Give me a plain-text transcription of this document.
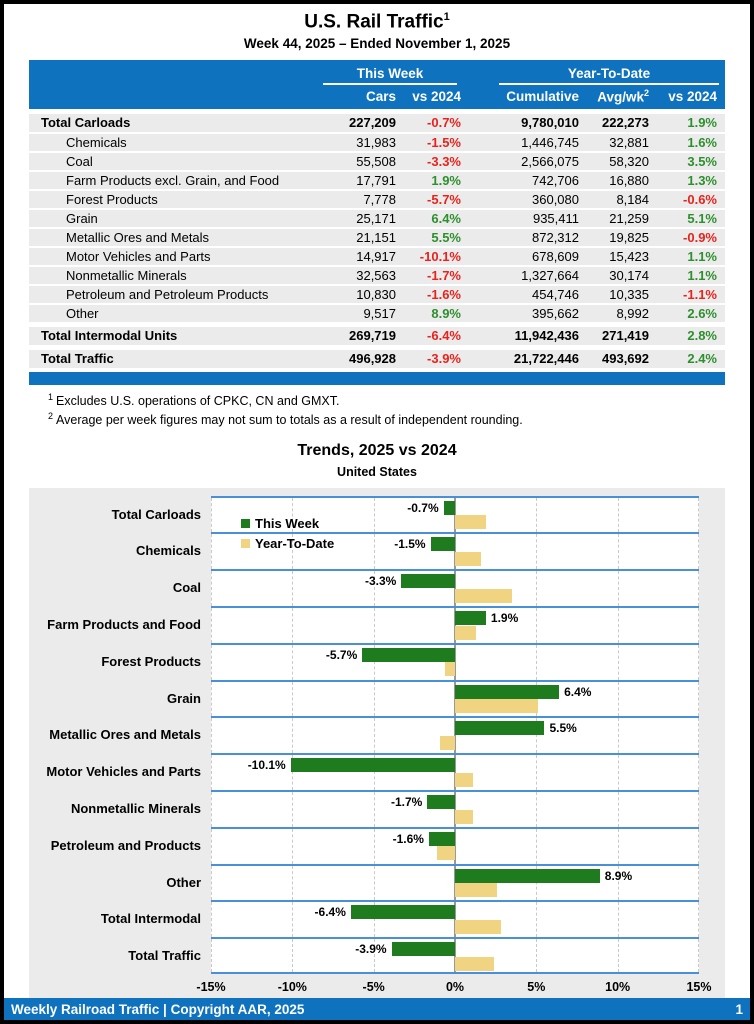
U.S. Rail Traffic$^1$
Week 44, 2025 – Ended November 1, 2025
This Week	Year-To-Date
Cars	vs 2024	Cumulative	Avg/$wk^2$	vs 2024
Total Carloads	227,209	-0.7%	9,780,010	222,273	1.9%
Chemicals	31,983	-1.5%	1,446,745	32,881	1.6%
Coal	55,508	-3.3%	2,566,075	58,320	3.5%
Farm Products excl. Grain, and Food	17,791	1.9%	742,706	16,880	1.3%
Forest Products	7,778	-5.7%	360,080	8,184	-0.6%
Grain	25,171	6.4%	935,411	21,259	5.1%
Metallic Ores and Metals	21,151	5.5%	872,312	19,825	-0.9%
Motor Vehicles and Parts	14,917	-10.1%	678,609	15,423	1.1%
Nonmetallic Minerals	32,563	-1.7%	1,327,664	30,174	1.1%
Petroleum and Petroleum Products	10,830	-1.6%	454,746	10,335	-1.1%
Other	9,517	8.9%	395,662	8,992	2.6%
Total Intermodal Units	269,719	-6.4%	11,942,436	271,419	2.8%
Total Traffic	496,928	-3.9%	21,722,446	493,692	2.4%
$^1$ Excludes U.S. operations of CPKC, CN and GMXT.
$^2$ Average per week figures may not sum to totals as a result of independent rounding.
Trends, 2025 vs 2024
United States
Total Carloads	-0.7%
Chemicals	-1.5%
Coal	-3.3%
Farm Products and Food	1.9%
Forest Products	-5.7%
Grain	6.4%
Metallic Ores and Metals	5.5%
Motor Vehicles and Parts	-10.1%
Nonmetallic Minerals	-1.7%
Petroleum and Products	-1.6%
Other	8.9%
Total Intermodal	-6.4%
Total Traffic	-3.9%
-15%	-10%	-5%	0%	5%	10%	15%
This Week
Year-To-Date
Weekly Railroad Traffic | Copyright AAR, 2025	1
